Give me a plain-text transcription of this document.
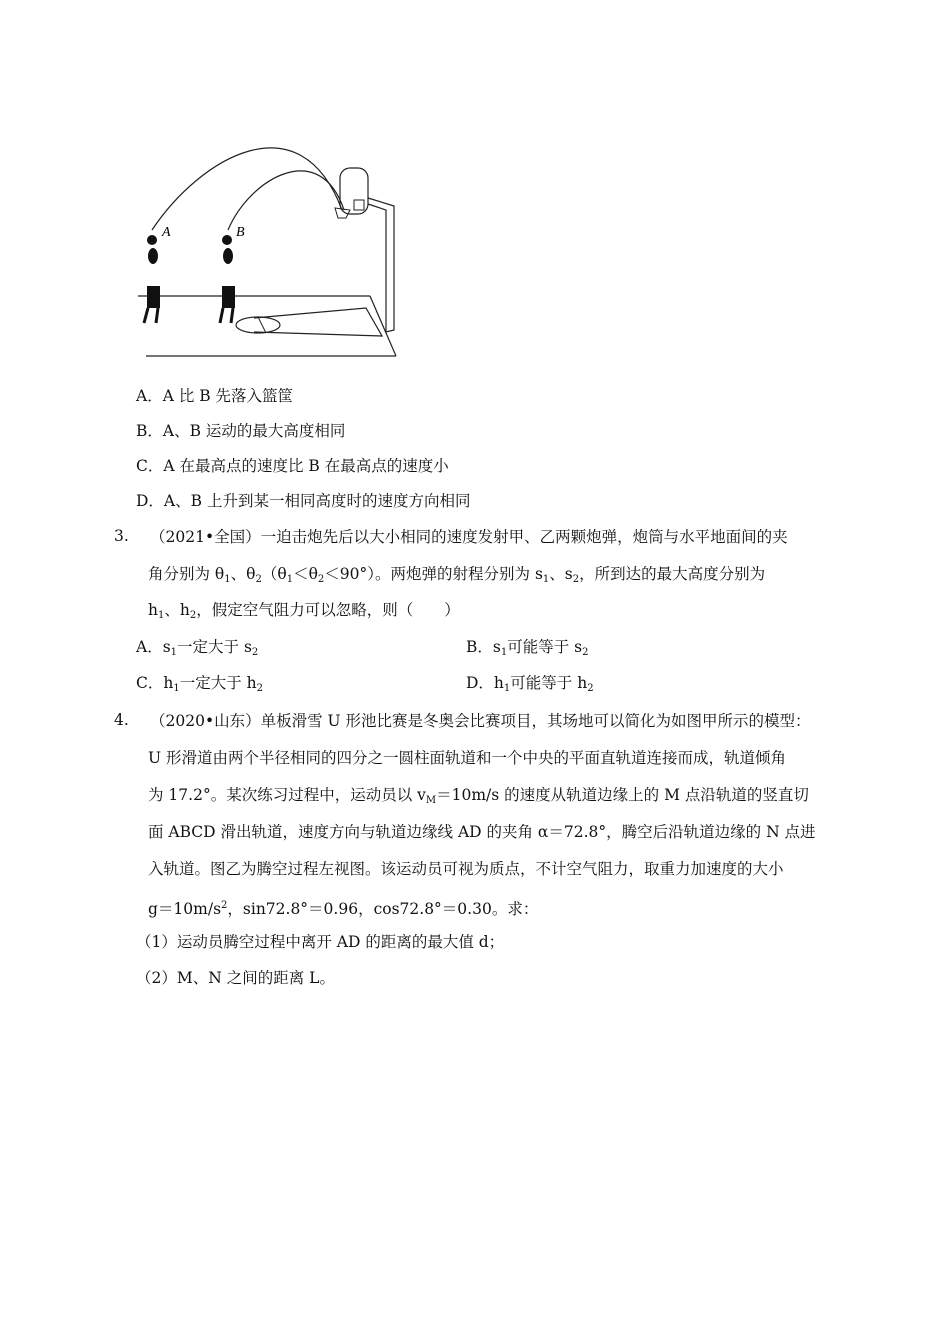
A	B
A．A 比 B 先落入篮筐
B．A、B 运动的最大高度相同
C．A 在最高点的速度比 B 在最高点的速度小
D．A、B 上升到某一相同高度时的速度方向相同
3. （2021•全国）一迫击炮先后以大小相同的速度发射甲、乙两颗炮弹，炮筒与水平地面间的夹
角分别为 $\theta_1$、$\theta_2(\theta_1<\theta_2<90^\circ)$。两炮弹的射程分别为 $s_1$、$s_2$，所到达的最大高度分别为
$h_1$、$h_2$，假定空气阻力可以忽略，则（　　）
A．$s_1$一定大于 $s_2$	B．$s_1$可能等于 $s_2$
C．$h_1$一定大于 $h_2$	D．$h_1$可能等于 $h_2$
4. （2020•山东）单板滑雪 U 形池比赛是冬奥会比赛项目，其场地可以简化为如图甲所示的模型：
U 形滑道由两个半径相同的四分之一圆柱面轨道和一个中央的平面直轨道连接而成，轨道倾角
为 17.2°。某次练习过程中，运动员以 $v_M=10m/s$ 的速度从轨道边缘上的 M 点沿轨道的竖直切
面 ABCD 滑出轨道，速度方向与轨道边缘线 AD 的夹角 α＝72.8°，腾空后沿轨道边缘的 N 点进
入轨道。图乙为腾空过程左视图。该运动员可视为质点，不计空气阻力，取重力加速度的大小
$g=10m/s^2$，sin72.8°＝0.96，cos72.8°＝0.30。求：
（1）运动员腾空过程中离开 AD 的距离的最大值 d；
（2）M、N 之间的距离 L。
